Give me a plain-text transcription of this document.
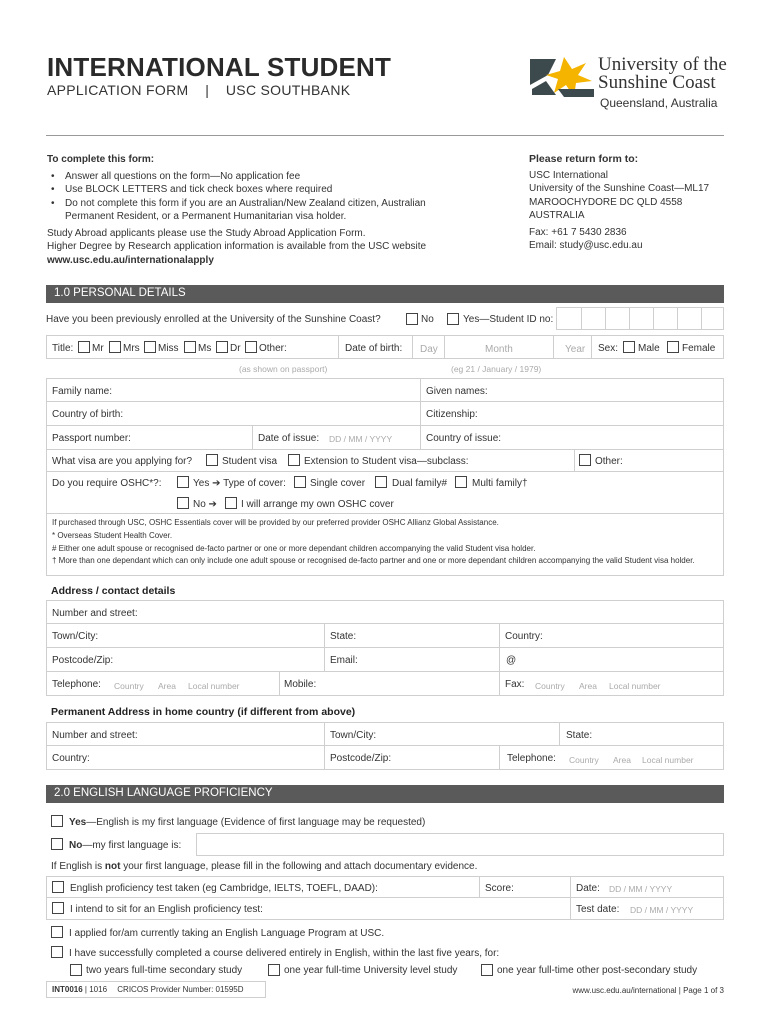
INTERNATIONAL STUDENT
APPLICATION FORM    |    USC SOUTHBANK
University of the
Sunshine Coast
Queensland, Australia
To complete this form:
• Answer all questions on the form—No application fee
• Use BLOCK LETTERS and tick check boxes where required
• Do not complete this form if you are an Australian/New Zealand citizen, Australian Permanent Resident, or a Permanent Humanitarian visa holder.
Study Abroad applicants please use the Study Abroad Application Form.
Higher Degree by Research application information is available from the USC website
www.usc.edu.au/internationalapply
Please return form to:
USC International
University of the Sunshine Coast—ML17
MAROOCHYDORE DC QLD 4558
AUSTRALIA
Fax: +61 7 5430 2836
Email: study@usc.edu.au
1.0 PERSONAL DETAILS
Have you been previously enrolled at the University of the Sunshine Coast?	No	Yes—Student ID no:
Title: Mr Mrs Miss Ms Dr Other:	Date of birth: Day	Month	Year Sex: Male Female
(as shown on passport)	(eg 21 / January / 1979)
Family name:	Given names:
Country of birth:	Citizenship:
Passport number:	Date of issue: DD / MM / YYYY	Country of issue:
What visa are you applying for?	Student visa	Extension to Student visa—subclass:	Other:
Do you require OSHC*?:	Yes ➔ Type of cover: Single cover	Dual family# Multi family†
No ➔ I will arrange my own OSHC cover
If purchased through USC, OSHC Essentials cover will be provided by our preferred provider OSHC Allianz Global Assistance.
* Overseas Student Health Cover.
# Either one adult spouse or recognised de-facto partner or one or more dependant children accompanying the valid Student visa holder.
† More than one dependant which can only include one adult spouse or recognised de-facto partner and one or more dependant children accompanying the valid Student visa holder.
Address / contact details
Number and street:
Town/City:	State:	Country:
Postcode/Zip:	Email:	@
Telephone: Country Area Local number	Mobile:	Fax: Country Area Local number
Permanent Address in home country (if different from above)
Number and street:	Town/City:	State:
Country:	Postcode/Zip:	Telephone: Country Area Local number
2.0 ENGLISH LANGUAGE PROFICIENCY
Yes—English is my first language (Evidence of first language may be requested)
No—my first language is:
If English is not your first language, please fill in the following and attach documentary evidence.
English proficiency test taken (eg Cambridge, IELTS, TOEFL, DAAD):	Score:	Date: DD / MM / YYYY
I intend to sit for an English proficiency test:	Test date: DD / MM / YYYY
I applied for/am currently taking an English Language Program at USC.
I have successfully completed a course delivered entirely in English, within the last five years, for:
two years full-time secondary study	one year full-time University level study	one year full-time other post-secondary study
INT0016 | 1016 CRICOS Provider Number: 01595D	www.usc.edu.au/international | Page 1 of 3
